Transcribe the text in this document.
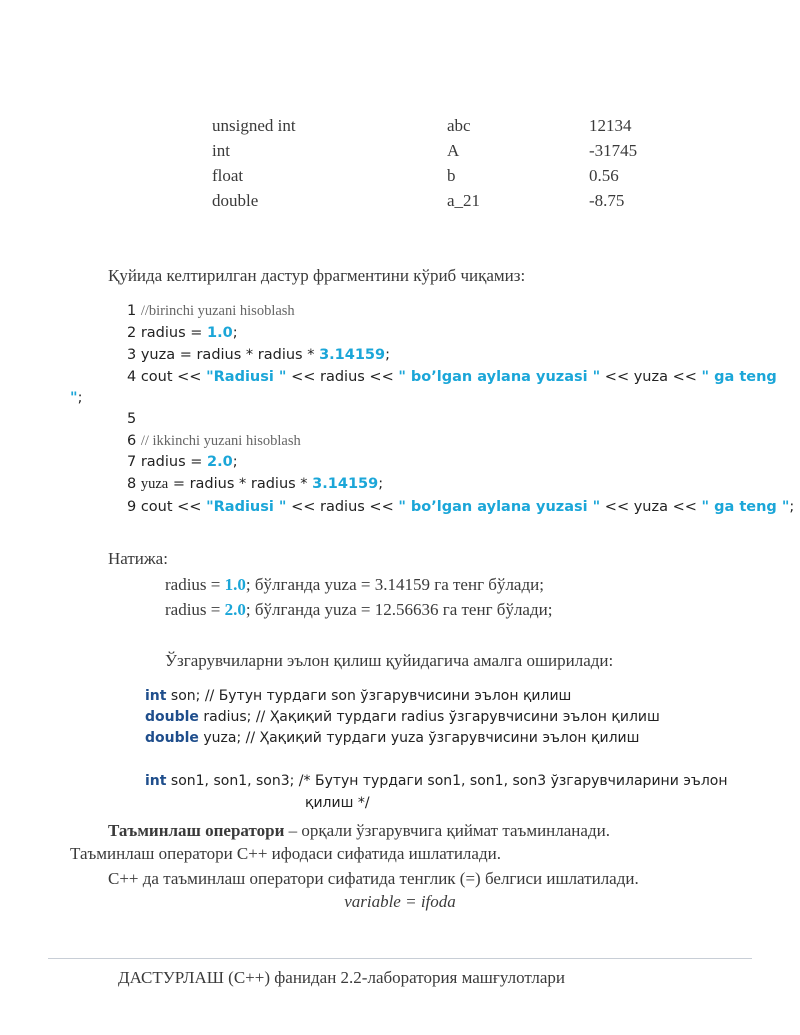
unsigned int	abc	12134
int	A	-31745
float	b	0.56
double	a_21	-8.75
Қуйида келтирилган дастур фрагментини кўриб чиқамиз:
1 //birinchi yuzani hisoblash
2 radius = 1.0;
3 yuza = radius * radius * 3.14159;
4 cout << "Radiusi " << radius << " bo’lgan aylana yuzasi " << yuza << " ga teng
";
5
6 // ikkinchi yuzani hisoblash
7 radius = 2.0;
8 yuza = radius * radius * 3.14159;
9 cout << "Radiusi " << radius << " bo’lgan aylana yuzasi " << yuza << " ga teng ";
Натижа:
radius = 1.0; бўлганда yuza = 3.14159 га тенг бўлади;
radius = 2.0; бўлганда yuza = 12.56636 га тенг бўлади;
Ўзгарувчиларни эълон қилиш қуйидагича амалга оширилади:
int son; // Бутун турдаги son ўзгарувчисини эълон қилиш
double radius; // Ҳақиқий турдаги radius ўзгарувчисини эълон қилиш
double yuza; // Ҳақиқий турдаги yuza ўзгарувчисини эълон қилиш
int son1, son1, son3; /* Бутун турдаги son1, son1, son3 ўзгарувчиларини эълон
қилиш */
Таъминлаш оператори – орқали ўзгарувчига қиймат таъминланади.
Таъминлаш оператори С++ ифодаси сифатида ишлатилади.
С++ да таъминлаш оператори сифатида тенглик (=) белгиси ишлатилади.
variable = ifoda
ДАСТУРЛАШ (С++) фанидан 2.2-лаборатория машғулотлари
